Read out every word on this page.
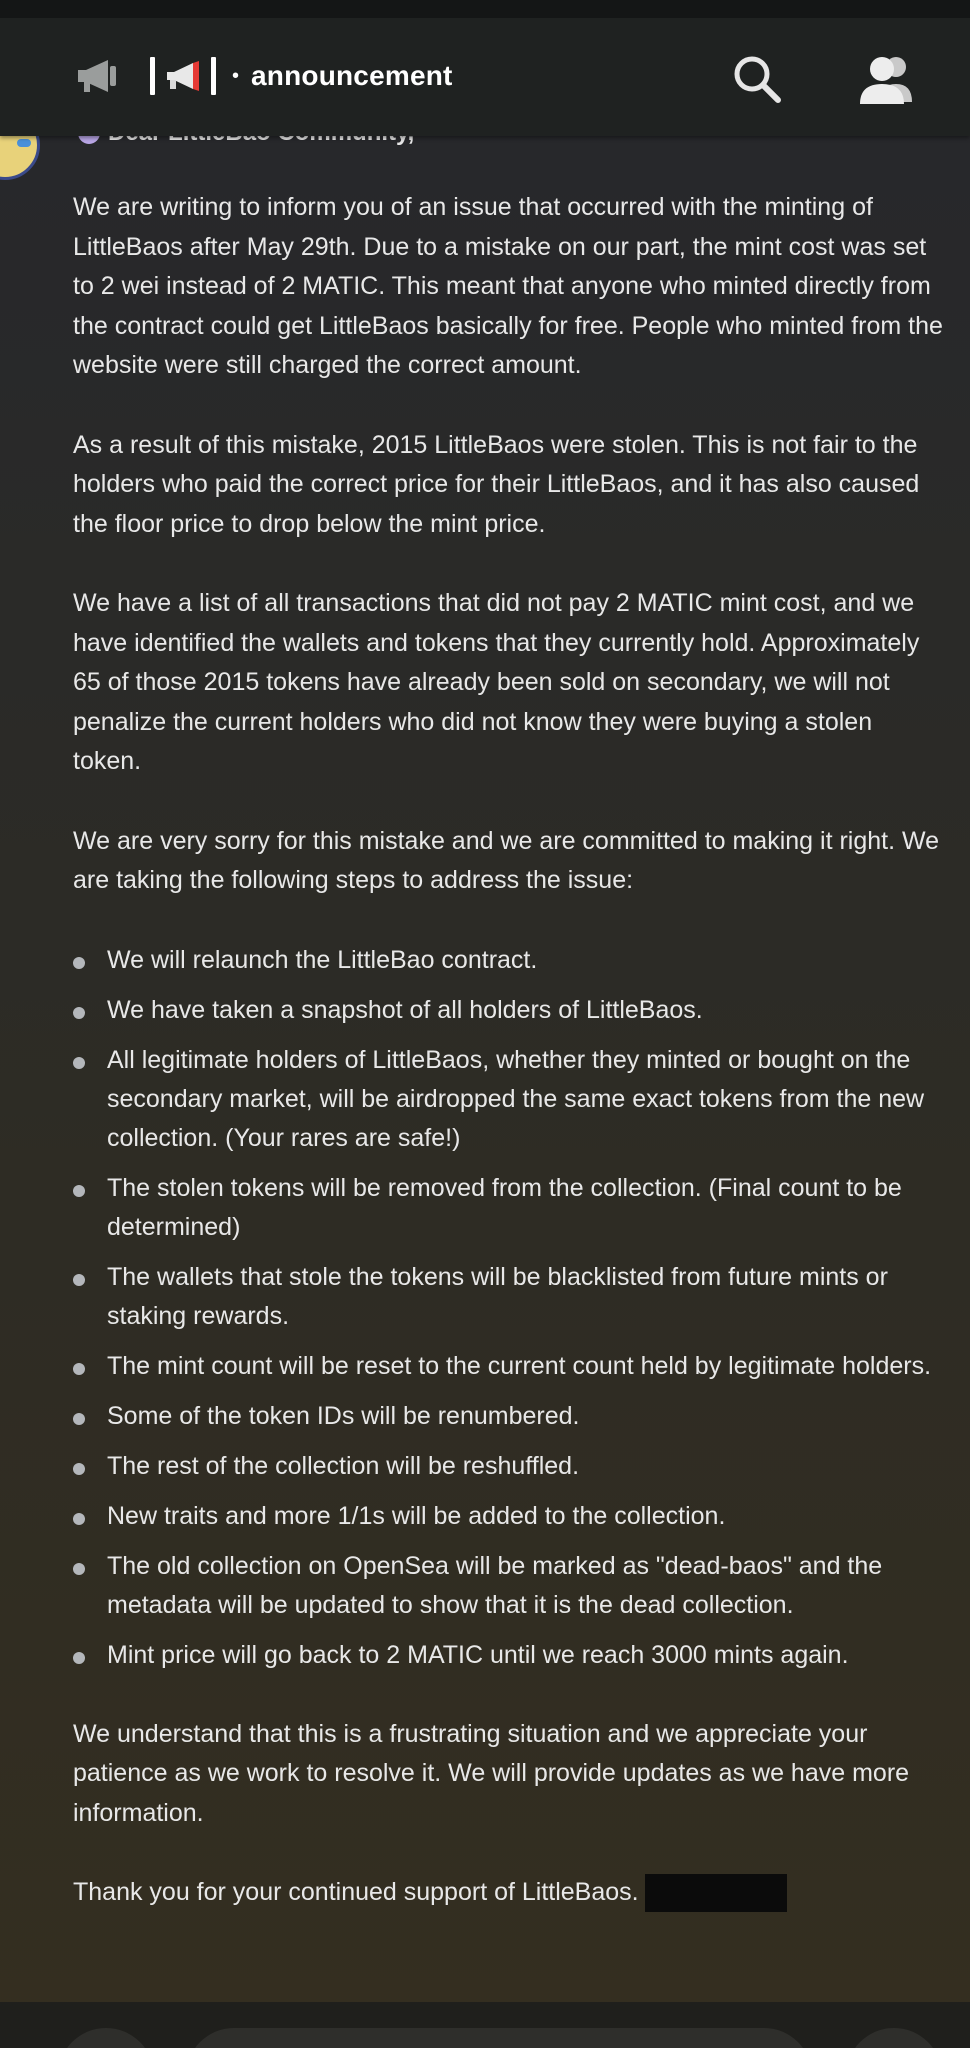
• announcement

We are writing to inform you of an issue that occurred with the minting of LittleBaos after May 29th. Due to a mistake on our part, the mint cost was set to 2 wei instead of 2 MATIC. This meant that anyone who minted directly from the contract could get LittleBaos basically for free. People who minted from the website were still charged the correct amount.

As a result of this mistake, 2015 LittleBaos were stolen. This is not fair to the holders who paid the correct price for their LittleBaos, and it has also caused the floor price to drop below the mint price.

We have a list of all transactions that did not pay 2 MATIC mint cost, and we have identified the wallets and tokens that they currently hold. Approximately 65 of those 2015 tokens have already been sold on secondary, we will not penalize the current holders who did not know they were buying a stolen token.

We are very sorry for this mistake and we are committed to making it right. We are taking the following steps to address the issue:

We will relaunch the LittleBao contract.
We have taken a snapshot of all holders of LittleBaos.
All legitimate holders of LittleBaos, whether they minted or bought on the secondary market, will be airdropped the same exact tokens from the new collection. (Your rares are safe!)
The stolen tokens will be removed from the collection. (Final count to be determined)
The wallets that stole the tokens will be blacklisted from future mints or staking rewards.
The mint count will be reset to the current count held by legitimate holders.
Some of the token IDs will be renumbered.
The rest of the collection will be reshuffled.
New traits and more 1/1s will be added to the collection.
The old collection on OpenSea will be marked as "dead-baos" and the metadata will be updated to show that it is the dead collection.
Mint price will go back to 2 MATIC until we reach 3000 mints again.

We understand that this is a frustrating situation and we appreciate your patience as we work to resolve it. We will provide updates as we have more information.

Thank you for your continued support of LittleBaos.
